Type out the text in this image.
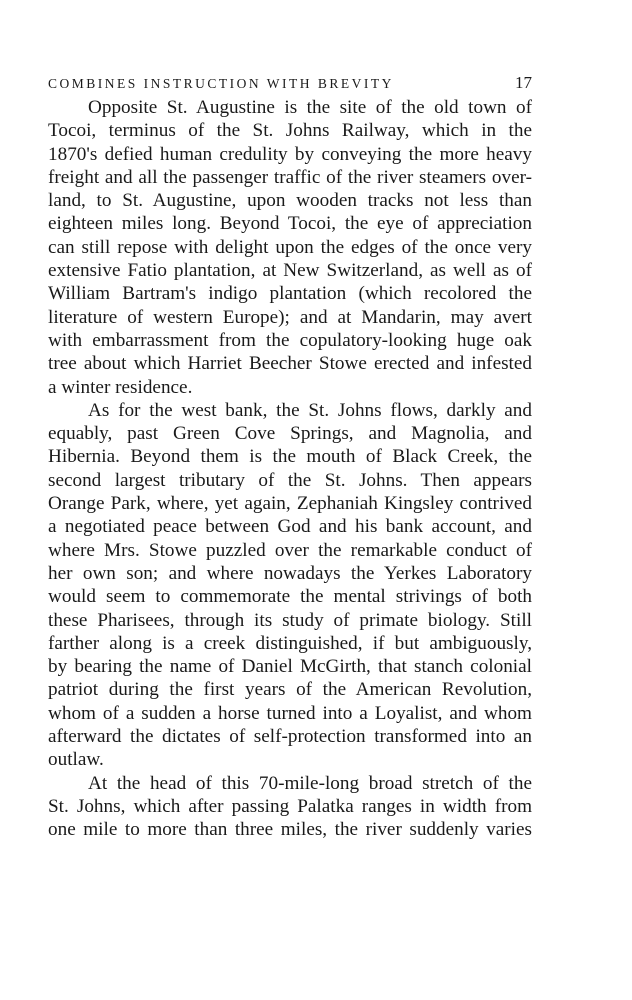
COMBINES INSTRUCTION WITH BREVITY	17
Opposite St. Augustine is the site of the old town of
Tocoi, terminus of the St. Johns Railway, which in the
1870's defied human credulity by conveying the more heavy
freight and all the passenger traffic of the river steamers over-
land, to St. Augustine, upon wooden tracks not less than
eighteen miles long. Beyond Tocoi, the eye of appreciation
can still repose with delight upon the edges of the once very
extensive Fatio plantation, at New Switzerland, as well as of
William Bartram's indigo plantation (which recolored the
literature of western Europe); and at Mandarin, may avert
with embarrassment from the copulatory-looking huge oak
tree about which Harriet Beecher Stowe erected and infested
a winter residence.
As for the west bank, the St. Johns flows, darkly and
equably, past Green Cove Springs, and Magnolia, and
Hibernia. Beyond them is the mouth of Black Creek, the
second largest tributary of the St. Johns. Then appears
Orange Park, where, yet again, Zephaniah Kingsley contrived
a negotiated peace between God and his bank account, and
where Mrs. Stowe puzzled over the remarkable conduct of
her own son; and where nowadays the Yerkes Laboratory
would seem to commemorate the mental strivings of both
these Pharisees, through its study of primate biology. Still
farther along is a creek distinguished, if but ambiguously,
by bearing the name of Daniel McGirth, that stanch colonial
patriot during the first years of the American Revolution,
whom of a sudden a horse turned into a Loyalist, and whom
afterward the dictates of self-protection transformed into an
outlaw.
At the head of this 70-mile-long broad stretch of the
St. Johns, which after passing Palatka ranges in width from
one mile to more than three miles, the river suddenly varies
